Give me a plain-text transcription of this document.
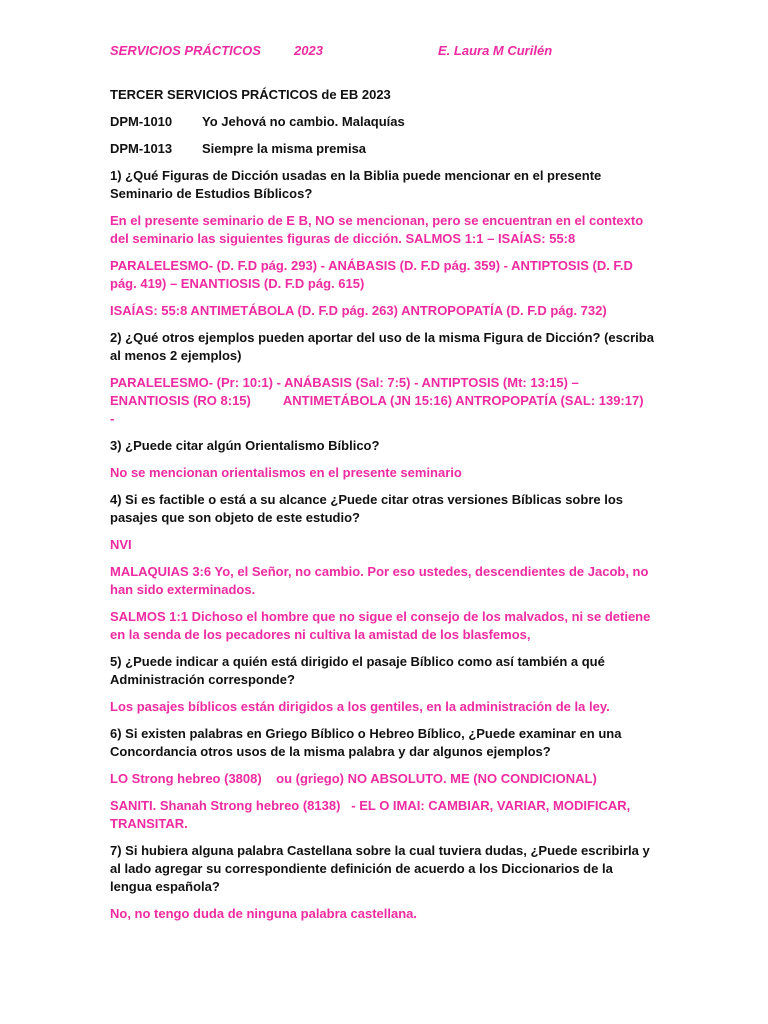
SERVICIOS PRÁCTICOS	2023	E. Laura M Curilén

TERCER SERVICIOS PRÁCTICOS de EB 2023

DPM-1010	Yo Jehová no cambio. Malaquías
DPM-1013	Siempre la misma premisa

1) ¿Qué Figuras de Dicción usadas en la Biblia puede mencionar en el presente Seminario de Estudios Bíblicos?

En el presente seminario de E B, NO se mencionan, pero se encuentran en el contexto del seminario las siguientes figuras de dicción. SALMOS 1:1 – ISAÍAS: 55:8

PARALELESMO- (D. F.D pág. 293) - ANÁBASIS (D. F.D pág. 359) - ANTIPTOSIS (D. F.D pág. 419) – ENANTIOSIS (D. F.D pág. 615)

ISAÍAS: 55:8 ANTIMETÁBOLA (D. F.D pág. 263) ANTROPOPATÍA (D. F.D pág. 732)

2) ¿Qué otros ejemplos pueden aportar del uso de la misma Figura de Dicción? (escriba al menos 2 ejemplos)

PARALELESMO- (Pr: 10:1) - ANÁBASIS (Sal: 7:5) - ANTIPTOSIS (Mt: 13:15) – ENANTIOSIS (RO 8:15)         ANTIMETÁBOLA (JN 15:16) ANTROPOPATÍA (SAL: 139:17)   -

3) ¿Puede citar algún Orientalismo Bíblico?

No se mencionan orientalismos en el presente seminario

4) Si es factible o está a su alcance ¿Puede citar otras versiones Bíblicas sobre los pasajes que son objeto de este estudio?

NVI

MALAQUIAS 3:6 Yo, el Señor, no cambio. Por eso ustedes, descendientes de Jacob, no han sido exterminados.

SALMOS 1:1 Dichoso el hombre que no sigue el consejo de los malvados, ni se detiene en la senda de los pecadores ni cultiva la amistad de los blasfemos,

5) ¿Puede indicar a quién está dirigido el pasaje Bíblico como así también a qué Administración corresponde?

Los pasajes bíblicos están dirigidos a los gentiles, en la administración de la ley.

6) Si existen palabras en Griego Bíblico o Hebreo Bíblico, ¿Puede examinar en una Concordancia otros usos de la misma palabra y dar algunos ejemplos?

LO Strong hebreo (3808)    ou (griego) NO ABSOLUTO. ME (NO CONDICIONAL)

SANITI. Shanah Strong hebreo (8138)   - EL O IMAI: CAMBIAR, VARIAR, MODIFICAR, TRANSITAR.

7) Si hubiera alguna palabra Castellana sobre la cual tuviera dudas, ¿Puede escribirla y al lado agregar su correspondiente definición de acuerdo a los Diccionarios de la lengua española?

No, no tengo duda de ninguna palabra castellana.
